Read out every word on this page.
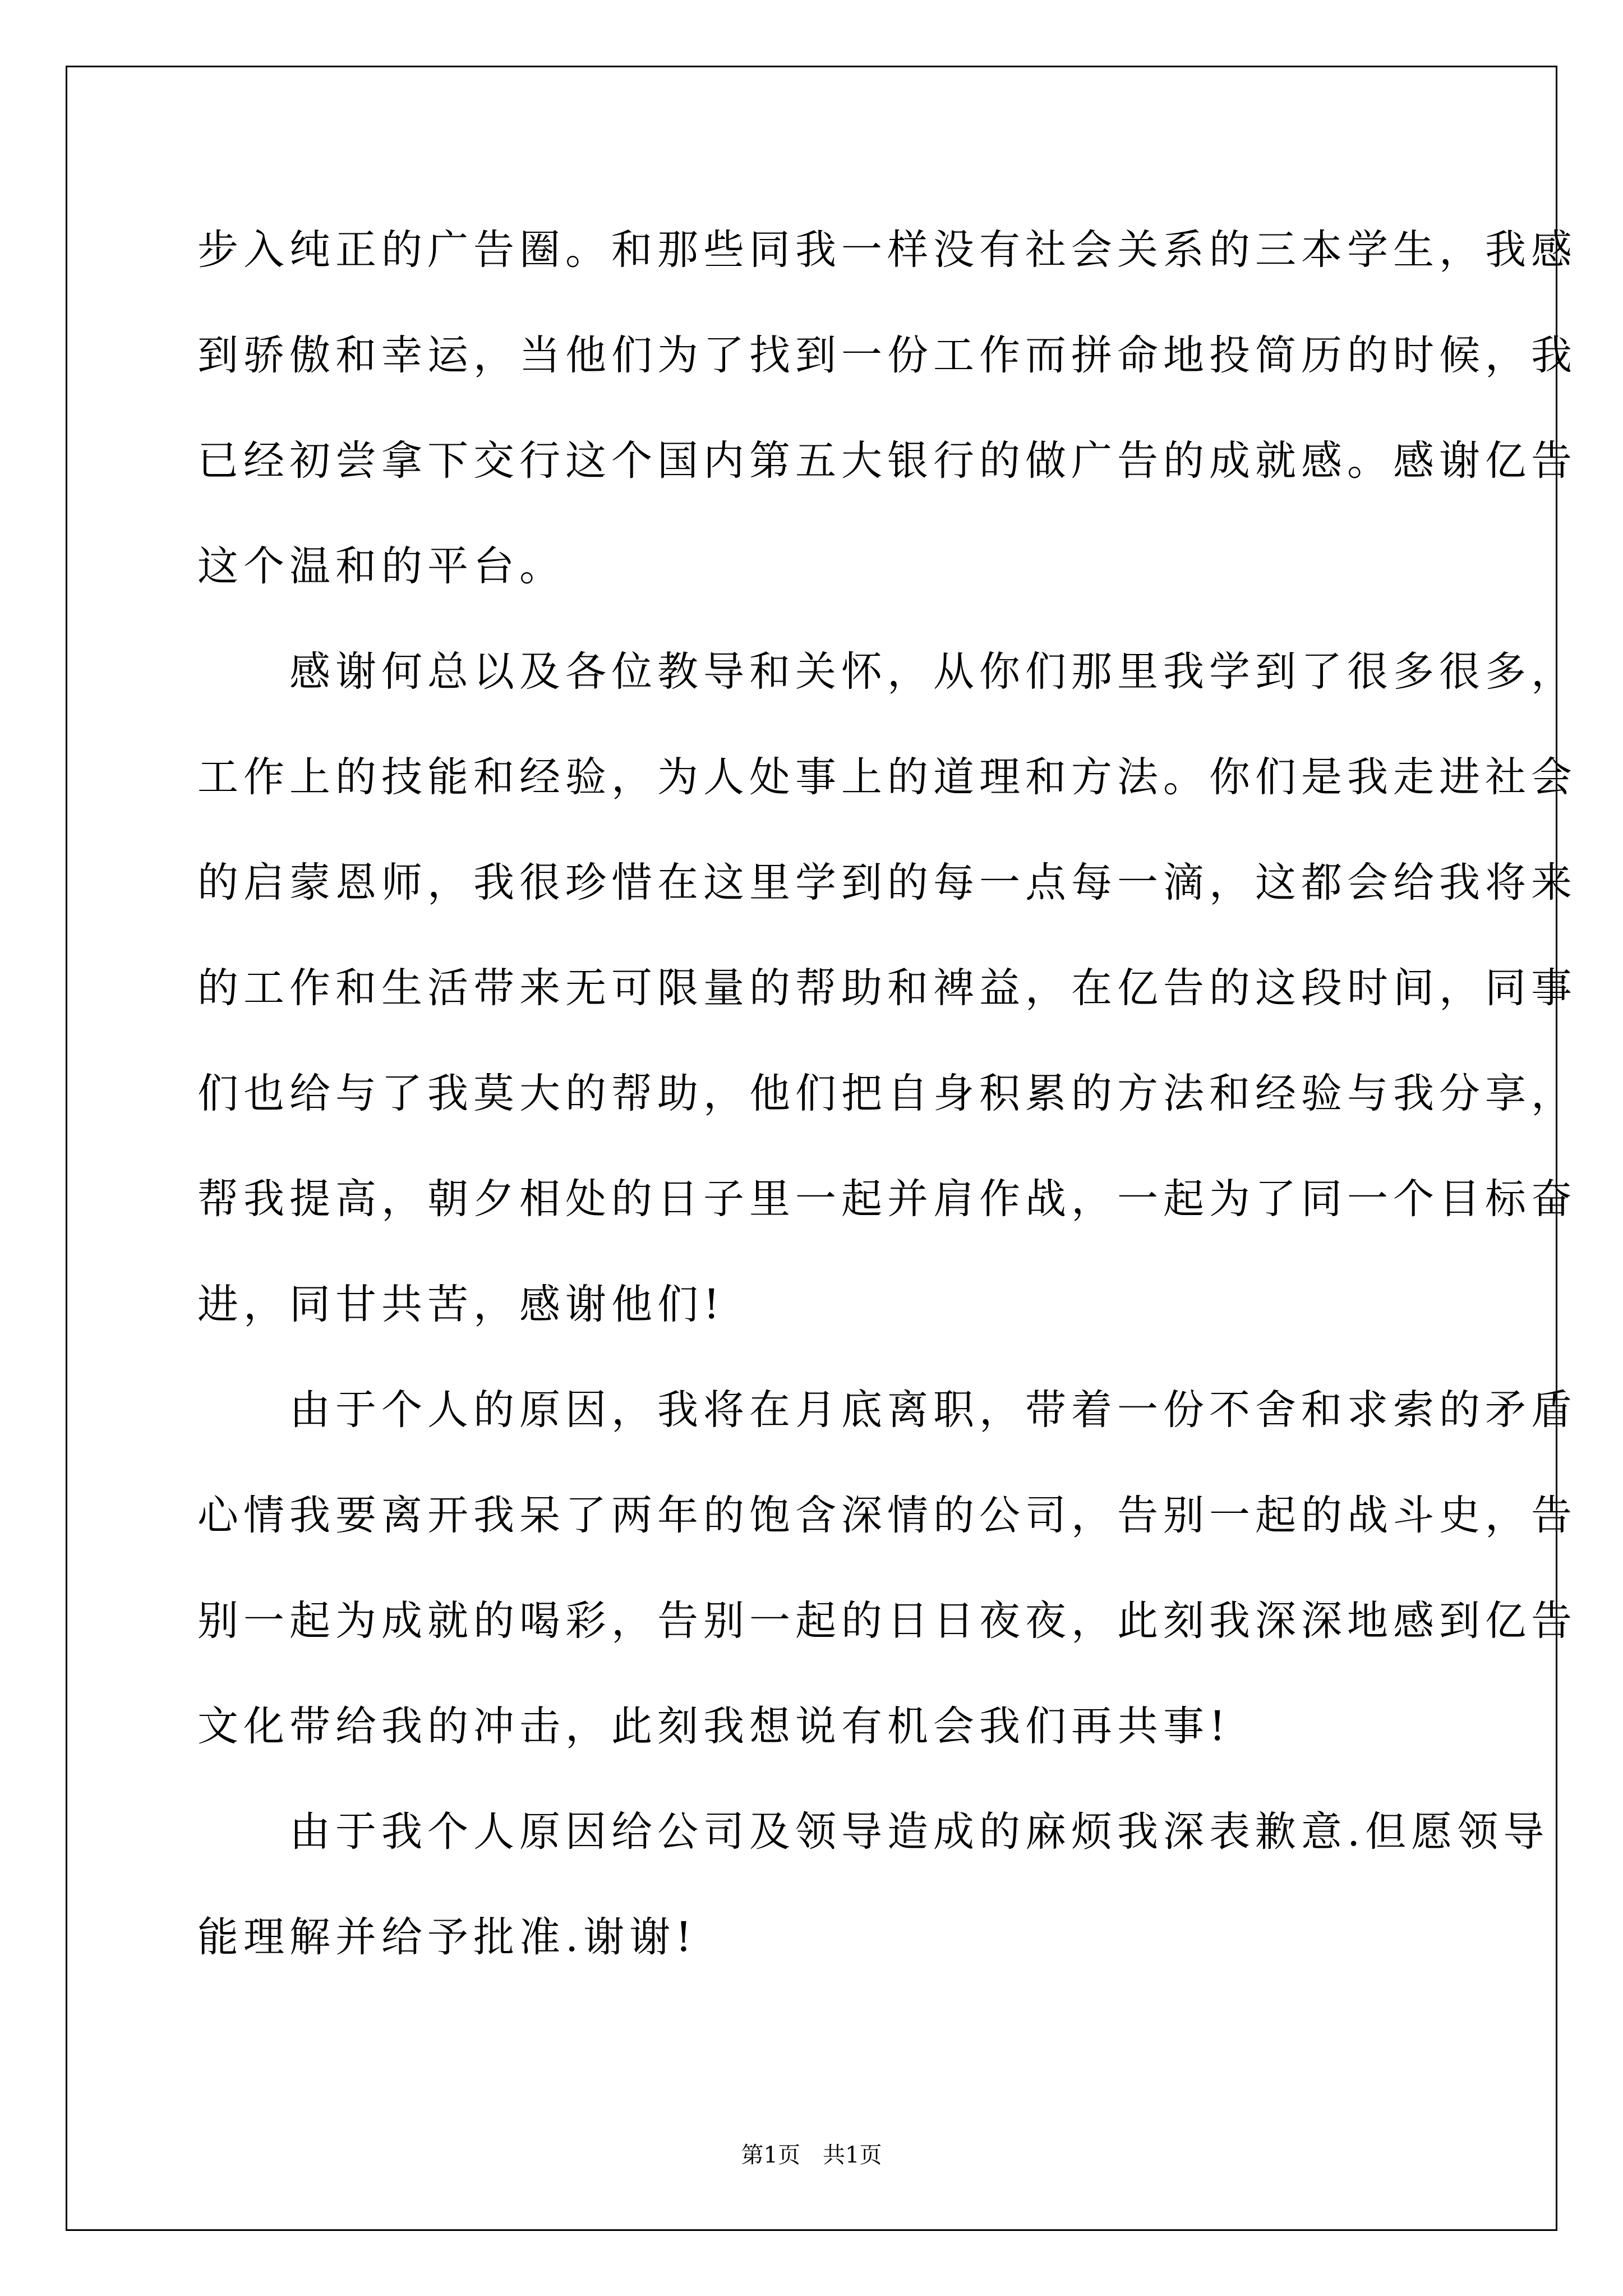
步入纯正的广告圈。和那些同我一样没有社会关系的三本学生，我感
到骄傲和幸运，当他们为了找到一份工作而拼命地投简历的时候，我
已经初尝拿下交行这个国内第五大银行的做广告的成就感。感谢亿告
这个温和的平台。
　　感谢何总以及各位教导和关怀，从你们那里我学到了很多很多，
工作上的技能和经验，为人处事上的道理和方法。你们是我走进社会
的启蒙恩师，我很珍惜在这里学到的每一点每一滴，这都会给我将来
的工作和生活带来无可限量的帮助和裨益，在亿告的这段时间，同事
们也给与了我莫大的帮助，他们把自身积累的方法和经验与我分享，
帮我提高，朝夕相处的日子里一起并肩作战，一起为了同一个目标奋
进，同甘共苦，感谢他们!
　　由于个人的原因，我将在月底离职，带着一份不舍和求索的矛盾
心情我要离开我呆了两年的饱含深情的公司，告别一起的战斗史，告
别一起为成就的喝彩，告别一起的日日夜夜，此刻我深深地感到亿告
文化带给我的冲击，此刻我想说有机会我们再共事!
　　由于我个人原因给公司及领导造成的麻烦我深表歉意.但愿领导
能理解并给予批准.谢谢!
第1页　共1页
